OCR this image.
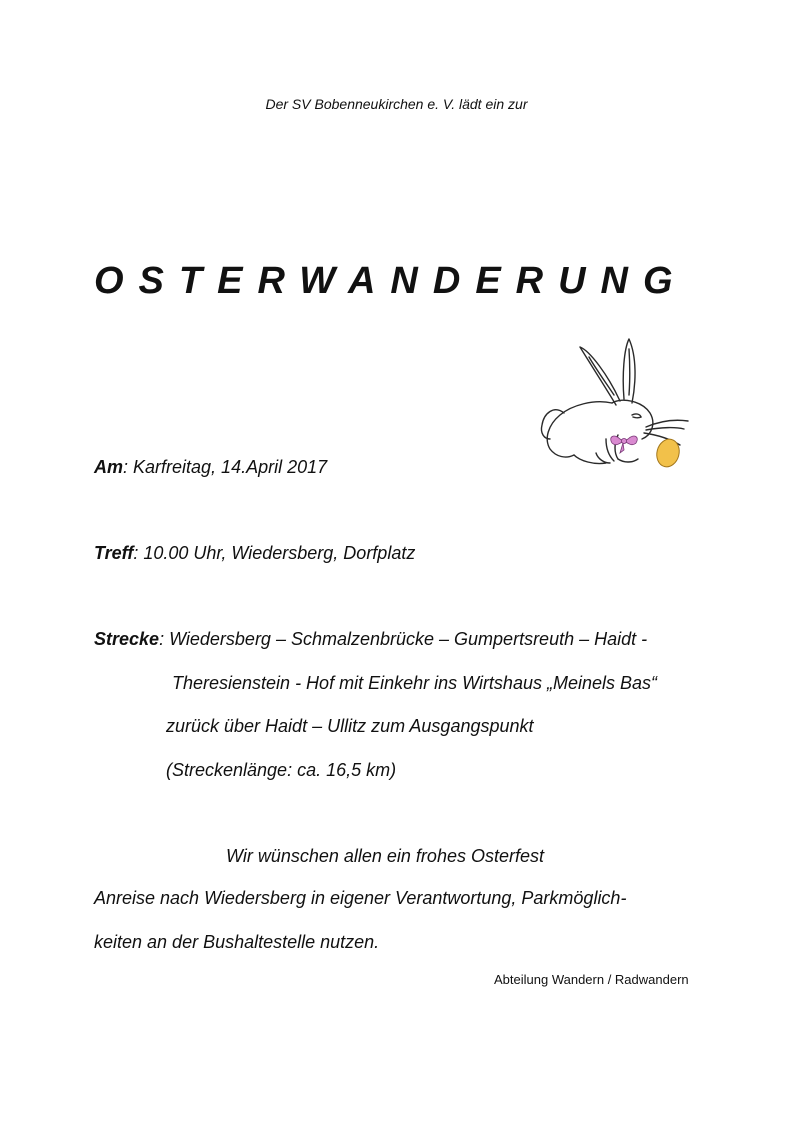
Der SV Bobenneukirchen e. V. lädt ein zur
OSTERWANDERUNG
Am: Karfreitag, 14.April 2017
Treff: 10.00 Uhr, Wiedersberg, Dorfplatz
Strecke: Wiedersberg – Schmalzenbrücke – Gumpertsreuth – Haidt -
Theresienstein - Hof mit Einkehr ins Wirtshaus „Meinels Bas“
zurück über Haidt – Ullitz zum Ausgangspunkt
(Streckenlänge: ca. 16,5 km)
Wir wünschen allen ein frohes Osterfest
Anreise nach Wiedersberg in eigener Verantwortung, Parkmöglich-
keiten an der Bushaltestelle nutzen.
Abteilung Wandern / Radwandern
